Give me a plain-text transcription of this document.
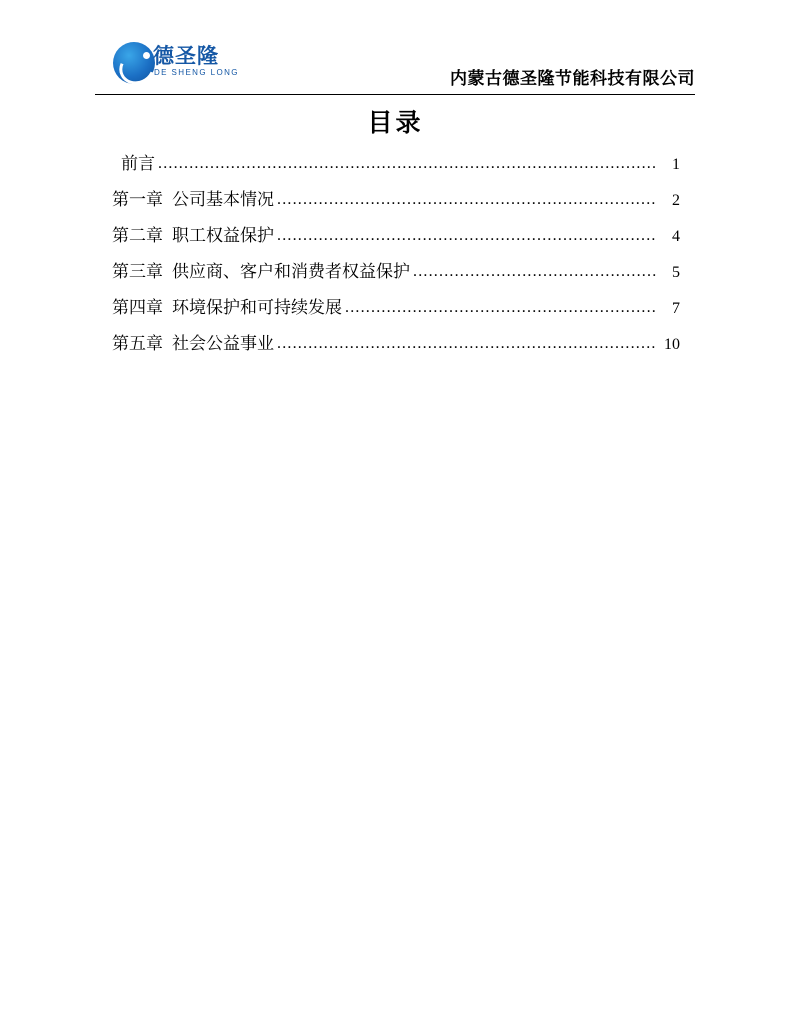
德圣隆
DE SHENG LONG	内蒙古德圣隆节能科技有限公司
目录
前言 .....	1
第一章 公司基本情况 .....	2
第二章 职工权益保护 .....	4
第三章 供应商、客户和消费者权益保护 .....	5
第四章 环境保护和可持续发展 .....	7
第五章 社会公益事业 .....	10
